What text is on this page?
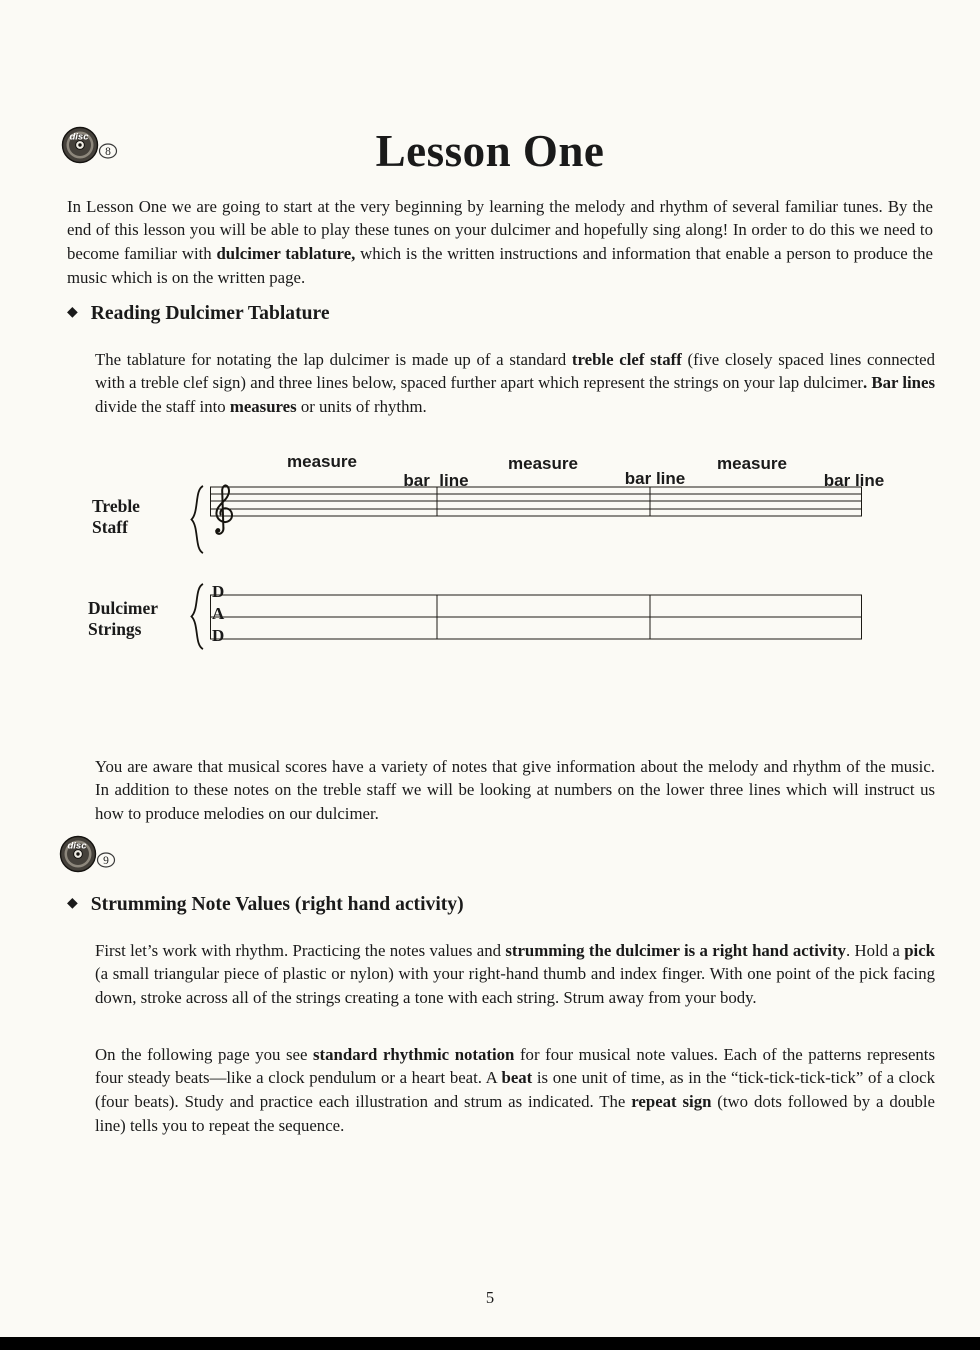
Lesson One
disc
8

In Lesson One we are going to start at the very beginning by learning the melody and rhythm of several familiar tunes. By the end of this lesson you will be able to play these tunes on your dulcimer and hopefully sing along! In order to do this we need to become familiar with dulcimer tablature, which is the written instructions and information that enable a person to produce the music which is on the written page.

◆ Reading Dulcimer Tablature

The tablature for notating the lap dulcimer is made up of a standard treble clef staff (five closely spaced lines connected with a treble clef sign) and three lines below, spaced further apart which represent the strings on your lap dulcimer. Bar lines divide the staff into measures or units of rhythm.

measure	measure	measure
bar  line	bar line	bar line
Treble
Staff
Dulcimer
Strings
D
A
D

You are aware that musical scores have a variety of notes that give information about the melody and rhythm of the music. In addition to these notes on the treble staff we will be looking at numbers on the lower three lines which will instruct us how to produce melodies on our dulcimer.

disc
9
◆ Strumming Note Values (right hand activity)

First let’s work with rhythm. Practicing the notes values and strumming the dulcimer is a right hand activity. Hold a pick (a small triangular piece of plastic or nylon) with your right-hand thumb and index finger. With one point of the pick facing down, stroke across all of the strings creating a tone with each string. Strum away from your body.

On the following page you see standard rhythmic notation for four musical note values. Each of the patterns represents four steady beats—like a clock pendulum or a heart beat. A beat is one unit of time, as in the “tick-tick-tick-tick” of a clock (four beats). Study and practice each illustration and strum as indicated. The repeat sign (two dots followed by a double line) tells you to repeat the sequence.

5
